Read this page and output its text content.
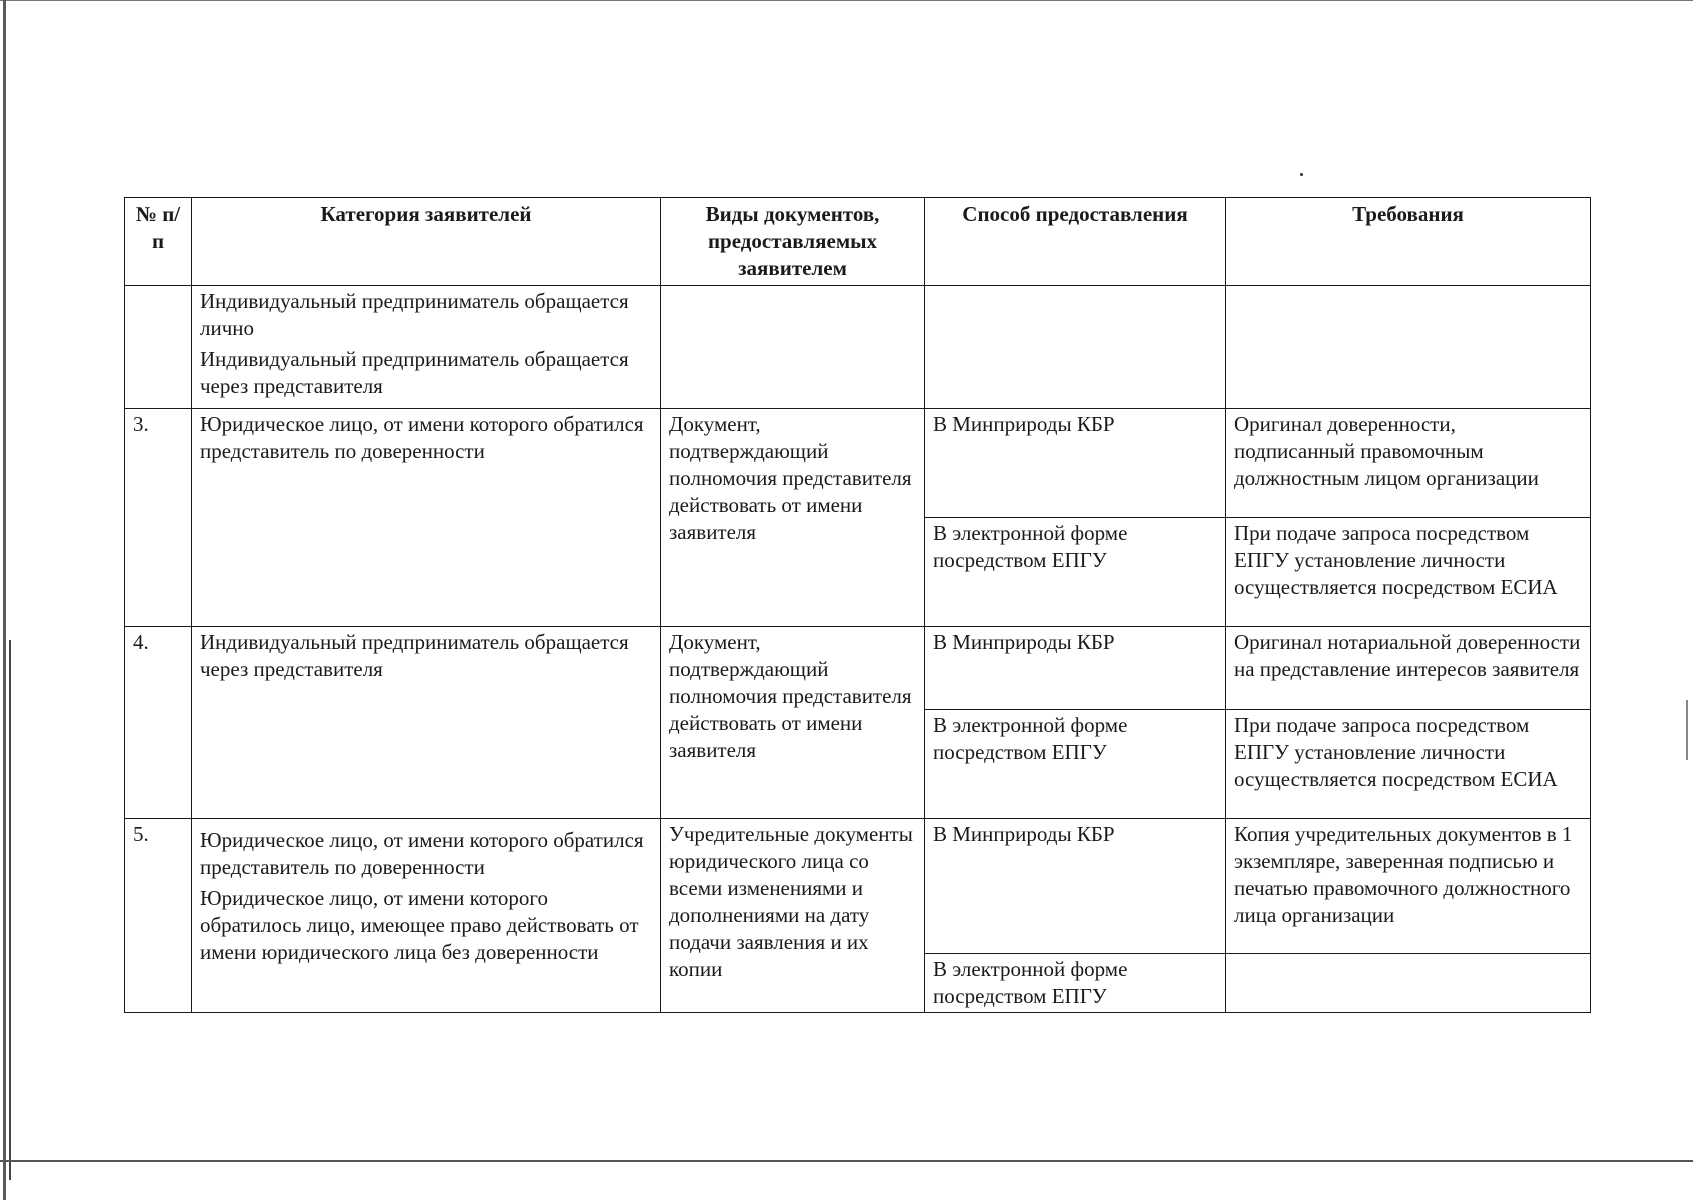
№ п/п	Категория заявителей	Виды документов, предоставляемых заявителем	Способ предоставления	Требования

	Индивидуальный предприниматель обращается лично
Индивидуальный предприниматель обращается через представителя			

3.	Юридическое лицо, от имени которого обратился представитель по доверенности	Документ, подтверждающий полномочия представителя действовать от имени заявителя	В Минприроды КБР	Оригинал доверенности, подписанный правомочным должностным лицом организации
			В электронной форме посредством ЕПГУ	При подаче запроса посредством ЕПГУ установление личности осуществляется посредством ЕСИА
4.	Индивидуальный предприниматель обращается через представителя	Документ, подтверждающий полномочия представителя действовать от имени заявителя	В Минприроды КБР	Оригинал нотариальной доверенности на представление интересов заявителя
			В электронной форме посредством ЕПГУ	При подаче запроса посредством ЕПГУ установление личности осуществляется посредством ЕСИА
5.	Юридическое лицо, от имени которого обратился представитель по доверенности
Юридическое лицо, от имени которого обратилось лицо, имеющее право действовать от имени юридического лица без доверенности	Учредительные документы юридического лица со всеми изменениями и дополнениями на дату подачи заявления и их копии	В Минприроды КБР	Копия учредительных документов в 1 экземпляре, заверенная подписью и печатью правомочного должностного лица организации
			В электронной форме посредством ЕПГУ	
